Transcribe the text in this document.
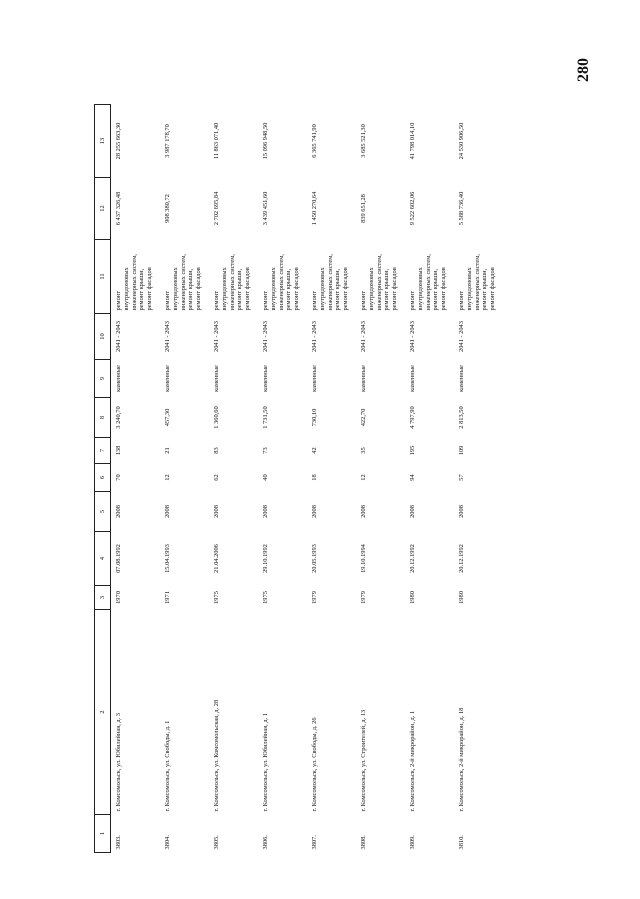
280
1	2	3	4	5	6	7	8	9	10	11	12	13
3803.	г. Комсомольск, ул. Юбилейная, д. 3	1970	07.08.1992	2008	70	138	3 240,70	каменные	2041 - 2043	ремонт внутридомовых инженерных систем, ремонт крыши, ремонт фасадов	6 437 326,48	28 255 663,30
3804.	г. Комсомольск, ул. Свободы, д. 1	1971	15.04.1993	2008	12	21	457,30	каменные	2041 - 2043	ремонт внутридомовых инженерных систем, ремонт крыши, ремонт фасадов	908 380,72	3 987 178,70
3805.	г. Комсомольск, ул. Комсомольская, д. 28	1975	21.04.2006	2008	62	83	1 360,60	каменные	2041 - 2043	ремонт внутридомовых инженерных систем, ремонт крыши, ремонт фасадов	2 702 695,84	11 863 071,40
3806.	г. Комсомольск, ул. Юбилейная, д. 1	1975	29.10.1992	2008	40	73	1 731,50	каменные	2041 - 2043	ремонт внутридомовых инженерных систем, ремонт крыши, ремонт фасадов	3 439 451,60	15 096 948,50
3807.	г. Комсомольск, ул. Свободы, д. 26	1979	20.05.1993	2008	18	42	730,10	каменные	2041 - 2043	ремонт внутридомовых инженерных систем, ремонт крыши, ремонт фасадов	1 450 270,64	6 365 741,90
3808.	г. Комсомольск, ул. Строителей, д. 13	1979	19.10.1994	2008	12	35	422,70	каменные	2041 - 2043	ремонт внутридомовых инженерных систем, ремонт крыши, ремонт фасадов	839 651,28	3 685 521,30
3809.	г. Комсомольск, 2-й микрорайон, д. 1	1980	20.12.1992	2008	94	195	4 797,90	каменные	2041 - 2043	ремонт внутридомовых инженерных систем, ремонт крыши, ремонт фасадов	9 522 602,06	41 798 014,10
3810.	г. Комсомольск, 2-й микрорайон, д. 18	1980	20.12.1992	2008	57	109	2 813,50	каменные	2041 - 2043	ремонт внутридомовых инженерных систем, ремонт крыши, ремонт фасадов	5 588 736,40	24 530 906,50
